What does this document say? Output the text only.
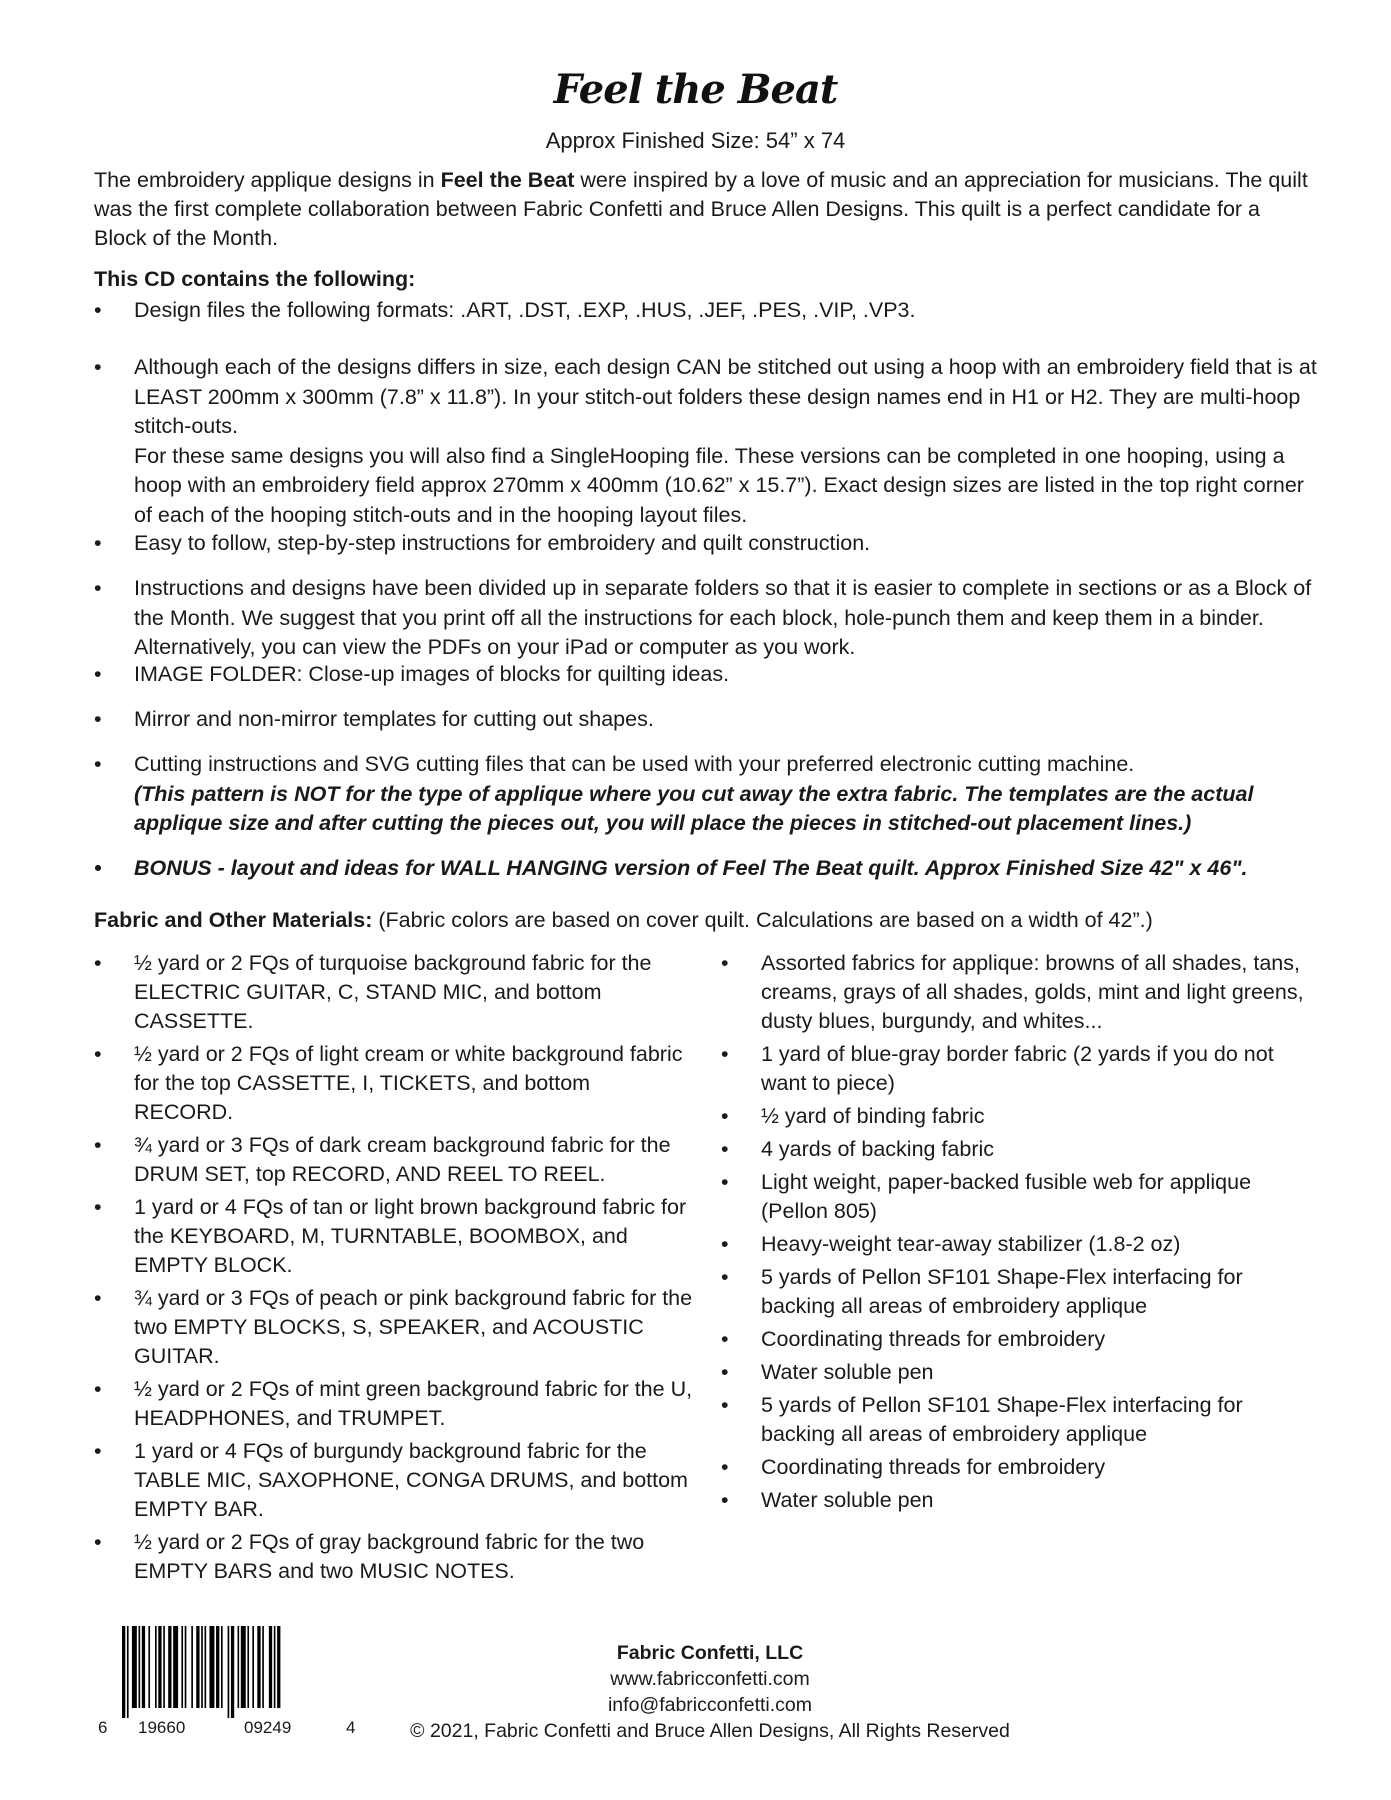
Feel the Beat
Approx Finished Size: 54” x 74

The embroidery applique designs in Feel the Beat were inspired by a love of music and an appreciation for musicians. The quilt was the first complete collaboration between Fabric Confetti and Bruce Allen Designs. This quilt is a perfect candidate for a Block of the Month.

This CD contains the following:
•	Design files the following formats: .ART, .DST, .EXP, .HUS, .JEF, .PES, .VIP, .VP3.
•	Although each of the designs differs in size, each design CAN be stitched out using a hoop with an embroidery field that is at LEAST 200mm x 300mm (7.8” x 11.8”). In your stitch-out folders these design names end in H1 or H2. They are multi-hoop stitch-outs.
For these same designs you will also find a SingleHooping file. These versions can be completed in one hooping, using a hoop with an embroidery field approx 270mm x 400mm (10.62” x 15.7”). Exact design sizes are listed in the top right corner of each of the hooping stitch-outs and in the hooping layout files.
•	Easy to follow, step-by-step instructions for embroidery and quilt construction.
•	Instructions and designs have been divided up in separate folders so that it is easier to complete in sections or as a Block of the Month. We suggest that you print off all the instructions for each block, hole-punch them and keep them in a binder. Alternatively, you can view the PDFs on your iPad or computer as you work.
•	IMAGE FOLDER: Close-up images of blocks for quilting ideas.
•	Mirror and non-mirror templates for cutting out shapes.
•	Cutting instructions and SVG cutting files that can be used with your preferred electronic cutting machine.
(This pattern is NOT for the type of applique where you cut away the extra fabric. The templates are the actual applique size and after cutting the pieces out, you will place the pieces in stitched-out placement lines.)
•	BONUS - layout and ideas for WALL HANGING version of Feel The Beat quilt. Approx Finished Size 42" x 46".
Fabric and Other Materials: (Fabric colors are based on cover quilt. Calculations are based on a width of 42”.)
• ½ yard or 2 FQs of turquoise background fabric for the ELECTRIC GUITAR, C, STAND MIC, and bottom CASSETTE.
• ½ yard or 2 FQs of light cream or white background fabric for the top CASSETTE, I, TICKETS, and bottom RECORD.
• ¾ yard or 3 FQs of dark cream background fabric for the DRUM SET, top RECORD, AND REEL TO REEL.
• 1 yard or 4 FQs of tan or light brown background fabric for the KEYBOARD, M, TURNTABLE, BOOMBOX, and EMPTY BLOCK.
• ¾ yard or 3 FQs of peach or pink background fabric for the two EMPTY BLOCKS, S, SPEAKER, and ACOUSTIC GUITAR.
• ½ yard or 2 FQs of mint green background fabric for the U, HEADPHONES, and TRUMPET.
• 1 yard or 4 FQs of burgundy background fabric for the TABLE MIC, SAXOPHONE, CONGA DRUMS, and bottom EMPTY BAR.
• ½ yard or 2 FQs of gray background fabric for the two EMPTY BARS and two MUSIC NOTES.
• Assorted fabrics for applique: browns of all shades, tans, creams, grays of all shades, golds, mint and light greens, dusty blues, burgundy, and whites...
• 1 yard of blue-gray border fabric (2 yards if you do not want to piece)
• ½ yard of binding fabric
• 4 yards of backing fabric
• Light weight, paper-backed fusible web for applique (Pellon 805)
• Heavy-weight tear-away stabilizer (1.8-2 oz)
• 5 yards of Pellon SF101 Shape-Flex interfacing for backing all areas of embroidery applique
• Coordinating threads for embroidery
• Water soluble pen
• 5 yards of Pellon SF101 Shape-Flex interfacing for backing all areas of embroidery applique
• Coordinating threads for embroidery
• Water soluble pen
6 19660	09249	4
Fabric Confetti, LLC
www.fabricconfetti.com
info@fabricconfetti.com
© 2021, Fabric Confetti and Bruce Allen Designs, All Rights Reserved
